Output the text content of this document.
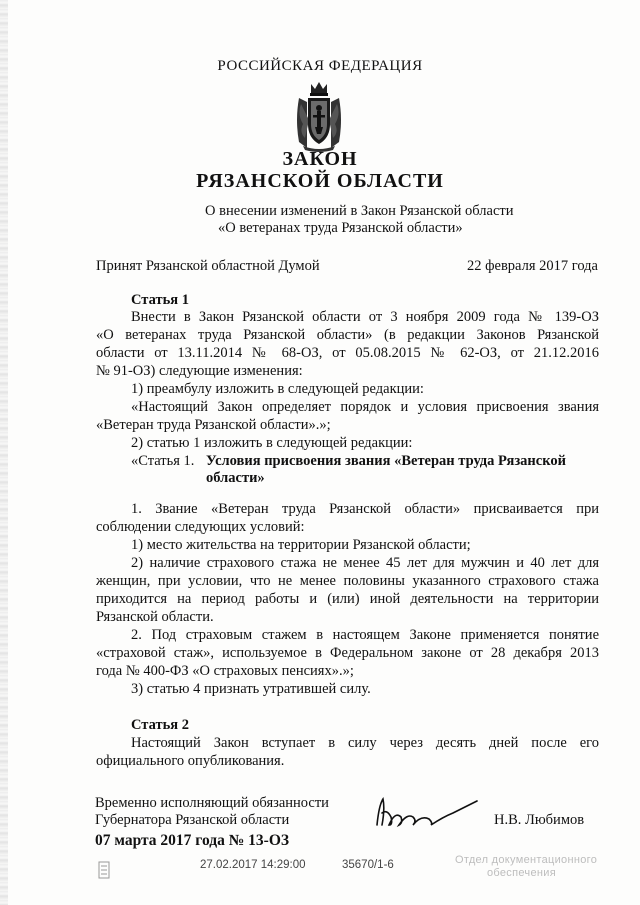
РОССИЙСКАЯ ФЕДЕРАЦИЯ
ЗАКОН
РЯЗАНСКОЙ ОБЛАСТИ
О внесении изменений в Закон Рязанской области
«О ветеранах труда Рязанской области»
Принят Рязанской областной Думой	22 февраля 2017 года
Статья 1
Внести в Закон Рязанской области от 3 ноября 2009 года № 139-ОЗ
«О ветеранах труда Рязанской области» (в редакции Законов Рязанской
области от 13.11.2014 № 68-ОЗ, от 05.08.2015 № 62-ОЗ, от 21.12.2016
№ 91-ОЗ) следующие изменения:
1) преамбулу изложить в следующей редакции:
«Настоящий Закон определяет порядок и условия присвоения звания
«Ветеран труда Рязанской области».»;
2) статью 1 изложить в следующей редакции:
«Статья 1. Условия присвоения звания «Ветеран труда Рязанской
области»
1. Звание «Ветеран труда Рязанской области» присваивается при
соблюдении следующих условий:
1) место жительства на территории Рязанской области;
2) наличие страхового стажа не менее 45 лет для мужчин и 40 лет для
женщин, при условии, что не менее половины указанного страхового стажа
приходится на период работы и (или) иной деятельности на территории
Рязанской области.
2. Под страховым стажем в настоящем Законе применяется понятие
«страховой стаж», используемое в Федеральном законе от 28 декабря 2013
года № 400-ФЗ «О страховых пенсиях».»;
3) статью 4 признать утратившей силу.
Статья 2
Настоящий Закон вступает в силу через десять дней после его
официального опубликования.
Временно исполняющий обязанности
Губернатора Рязанской области	Н.В. Любимов
07 марта 2017 года № 13-ОЗ
27.02.2017 14:29:00	35670/1-6	Отдел документационного
обеспечения
